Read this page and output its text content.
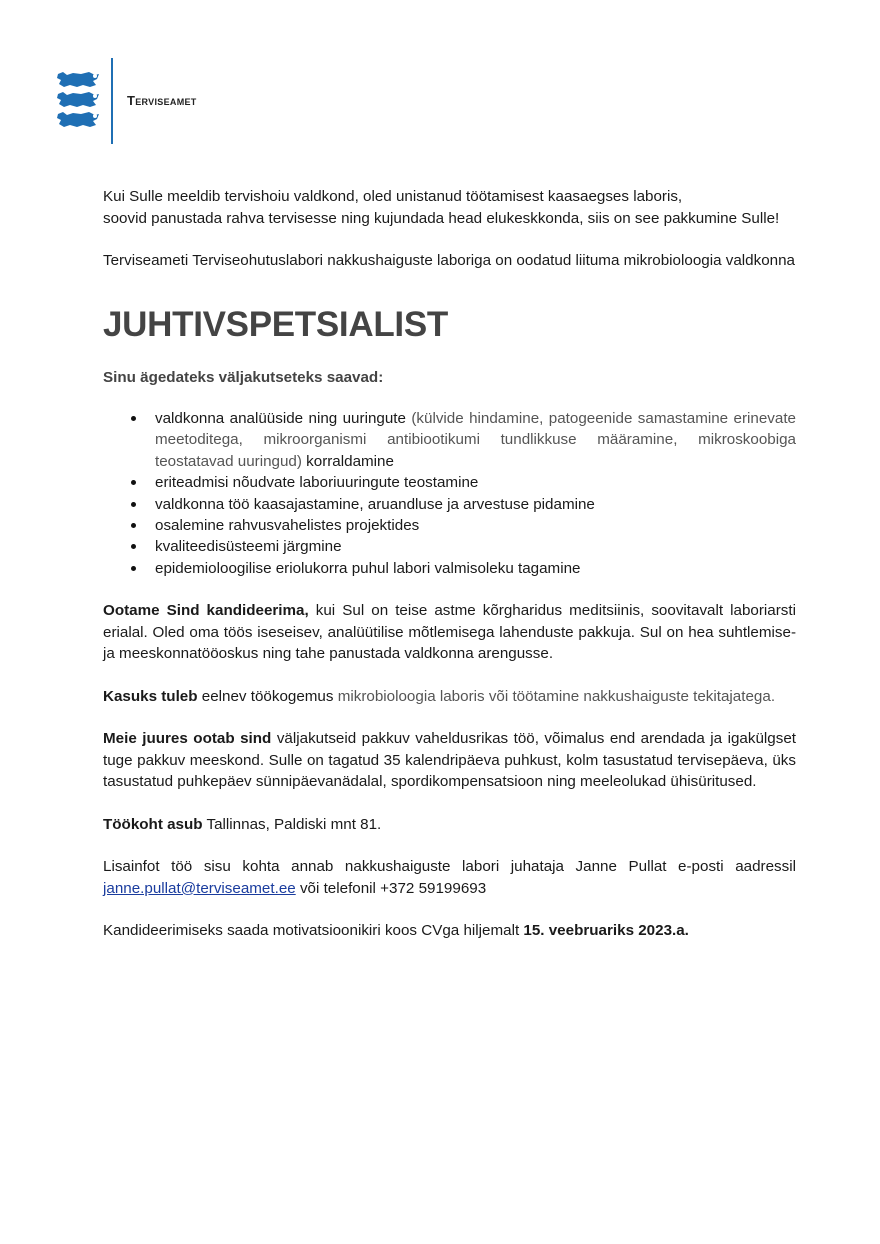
Terviseamet

Kui Sulle meeldib tervishoiu valdkond, oled unistanud töötamisest kaasaegses laboris,
soovid panustada rahva tervisesse ning kujundada head elukeskkonda, siis on see pakkumine Sulle!

Terviseameti Terviseohutuslabori nakkushaiguste laboriga on oodatud liituma mikrobioloogia valdkonna

JUHTIVSPETSIALIST

Sinu ägedateks väljakutseteks saavad:

valdkonna analüüside ning uuringute (külvide hindamine, patogeenide samastamine erinevate meetoditega, mikroorganismi antibiootikumi tundlikkuse määramine, mikroskoobiga teostatavad uuringud) korraldamine
eriteadmisi nõudvate laboriuuringute teostamine
valdkonna töö kaasajastamine, aruandluse ja arvestuse pidamine
osalemine rahvusvahelistes projektides
kvaliteedisüsteemi järgmine
epidemioloogilise eriolukorra puhul labori valmisoleku tagamine

Ootame Sind kandideerima, kui Sul on teise astme kõrgharidus meditsiinis, soovitavalt laboriarsti erialal. Oled oma töös iseseisev, analüütilise mõtlemisega lahenduste pakkuja. Sul on hea suhtlemise- ja meeskonnatööoskus ning tahe panustada valdkonna arengusse.

Kasuks tuleb eelnev töökogemus mikrobioloogia laboris või töötamine nakkushaiguste tekitajatega.

Meie juures ootab sind väljakutseid pakkuv vaheldusrikas töö, võimalus end arendada ja igakülgset tuge pakkuv meeskond. Sulle on tagatud 35 kalendripäeva puhkust, kolm tasustatud tervisepäeva, üks tasustatud puhkepäev sünnipäevanädalal, spordikompensatsioon ning meeleolukad ühisüritused.

Töökoht asub Tallinnas, Paldiski mnt 81.

Lisainfot töö sisu kohta annab nakkushaiguste labori juhataja Janne Pullat e-posti aadressil janne.pullat@terviseamet.ee või telefonil +372 59199693

Kandideerimiseks saada motivatsioonikiri koos CVga hiljemalt 15. veebruariks 2023.a.
